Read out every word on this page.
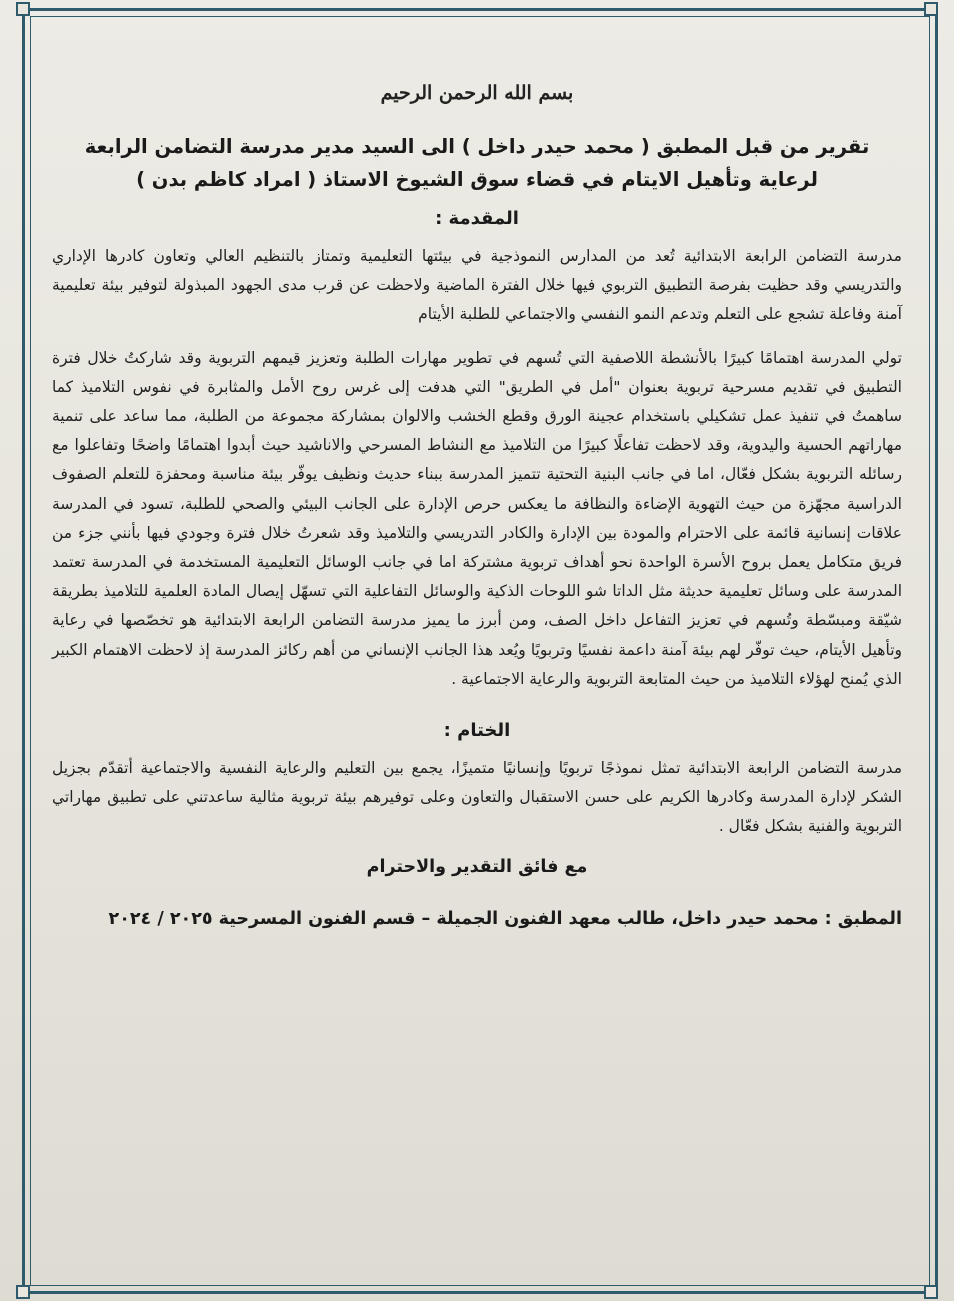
بسم الله الرحمن الرحيم
تقرير من قبل المطبق ( محمد حيدر داخل ) الى السيد مدير مدرسة التضامن الرابعة لرعاية وتأهيل الايتام في قضاء سوق الشيوخ الاستاذ ( امراد كاظم بدن )
المقدمة :
مدرسة التضامن الرابعة الابتدائية تُعد من المدارس النموذجية في بيئتها التعليمية وتمتاز بالتنظيم العالي وتعاون كادرها الإداري والتدريسي وقد حظيت بفرصة التطبيق التربوي فيها خلال الفترة الماضية ولاحظت عن قرب مدى الجهود المبذولة لتوفير بيئة تعليمية آمنة وفاعلة تشجع على التعلم وتدعم النمو النفسي والاجتماعي للطلبة الأيتام
تولي المدرسة اهتمامًا كبيرًا بالأنشطة اللاصفية التي تُسهم في تطوير مهارات الطلبة وتعزيز قيمهم التربوية وقد شاركتُ خلال فترة التطبيق في تقديم مسرحية تربوية بعنوان "أمل في الطريق" التي هدفت إلى غرس روح الأمل والمثابرة في نفوس التلاميذ كما ساهمتُ في تنفيذ عمل تشكيلي باستخدام عجينة الورق وقطع الخشب والالوان بمشاركة مجموعة من الطلبة، مما ساعد على تنمية مهاراتهم الحسية واليدوية، وقد لاحظت تفاعلًا كبيرًا من التلاميذ مع النشاط المسرحي والاناشيد حيث أبدوا اهتمامًا واضحًا وتفاعلوا مع رسائله التربوية بشكل فعّال، اما في جانب البنية التحتية تتميز المدرسة ببناء حديث ونظيف يوفّر بيئة مناسبة ومحفزة للتعلم الصفوف الدراسية مجهّزة من حيث التهوية الإضاءة والنظافة ما يعكس حرص الإدارة على الجانب البيئي والصحي للطلبة، تسود في المدرسة علاقات إنسانية قائمة على الاحترام والمودة بين الإدارة والكادر التدريسي والتلاميذ وقد شعرتُ خلال فترة وجودي فيها بأنني جزء من فريق متكامل يعمل بروح الأسرة الواحدة نحو أهداف تربوية مشتركة اما في جانب الوسائل التعليمية المستخدمة في المدرسة تعتمد المدرسة على وسائل تعليمية حديثة مثل الداتا شو اللوحات الذكية والوسائل التفاعلية التي تسهّل إيصال المادة العلمية للتلاميذ بطريقة شيّقة ومبسّطة وتُسهم في تعزيز التفاعل داخل الصف، ومن أبرز ما يميز مدرسة التضامن الرابعة الابتدائية هو تخصّصها في رعاية وتأهيل الأيتام، حيث توفّر لهم بيئة آمنة داعمة نفسيًا وتربويًا ويُعد هذا الجانب الإنساني من أهم ركائز المدرسة إذ لاحظت الاهتمام الكبير الذي يُمنح لهؤلاء التلاميذ من حيث المتابعة التربوية والرعاية الاجتماعية .
الختام :
مدرسة التضامن الرابعة الابتدائية تمثل نموذجًا تربويًا وإنسانيًا متميزًا، يجمع بين التعليم والرعاية النفسية والاجتماعية أتقدّم بجزيل الشكر لإدارة المدرسة وكادرها الكريم على حسن الاستقبال والتعاون وعلى توفيرهم بيئة تربوية مثالية ساعدتني على تطبيق مهاراتي التربوية والفنية بشكل فعّال .
مع فائق التقدير والاحترام
المطبق : محمد حيدر داخل، طالب معهد الفنون الجميلة – قسم الفنون المسرحية ٢٠٢٥ / ٢٠٢٤
